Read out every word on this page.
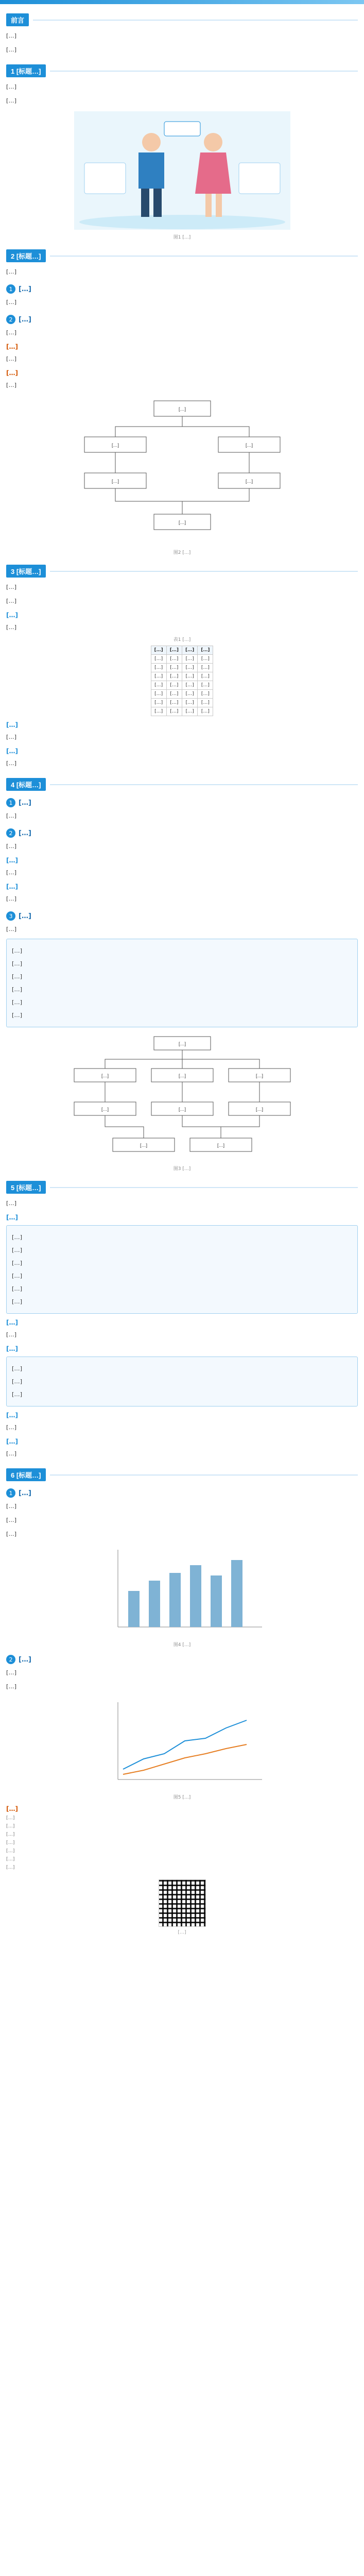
前言

[…]

[…]

1 [标题…]

[…]

[…]

图1 […]
2 [标题…]

[…]

1 […]

[…]

2 […]

[…]

[…]

[…]

[…]

[…]

[…]
[…]	[…]
[…]	[…]
[…]
图2 […]
3 [标题…]

[…]

[…]

[…]

[…]

表1 […]
[…]	[…]	[…]	[…]
[…]	[…]	[…]	[…]
[…]	[…]	[…]	[…]
[…]	[…]	[…]	[…]
[…]	[…]	[…]	[…]
[…]	[…]	[…]	[…]
[…]	[…]	[…]	[…]
[…]	[…]	[…]	[…]
[…]

[…]

[…]

[…]

4 [标题…]
1 […]

[…]

2 […]

[…]

[…]

[…]

[…]

[…]

3 […]

[…]

[…]

[…]

[…]

[…]

[…]

[…]

[…]
[…]	[…]	[…]
[…]	[…]	[…]
[…]	[…]
图3 […]
5 [标题…]

[…]

[…]

[…]

[…]

[…]

[…]

[…]

[…]

[…]

[…]

[…]

[…]

[…]

[…]

[…]

[…]

[…]

[…]

6 [标题…]
1 […]

[…]

[…]

[…]

图4 […]
2 […]

[…]

[…]

图5 […]
[…]

[…]

[…]

[…]

[…]

[…]

[…]

[…]

[…]
